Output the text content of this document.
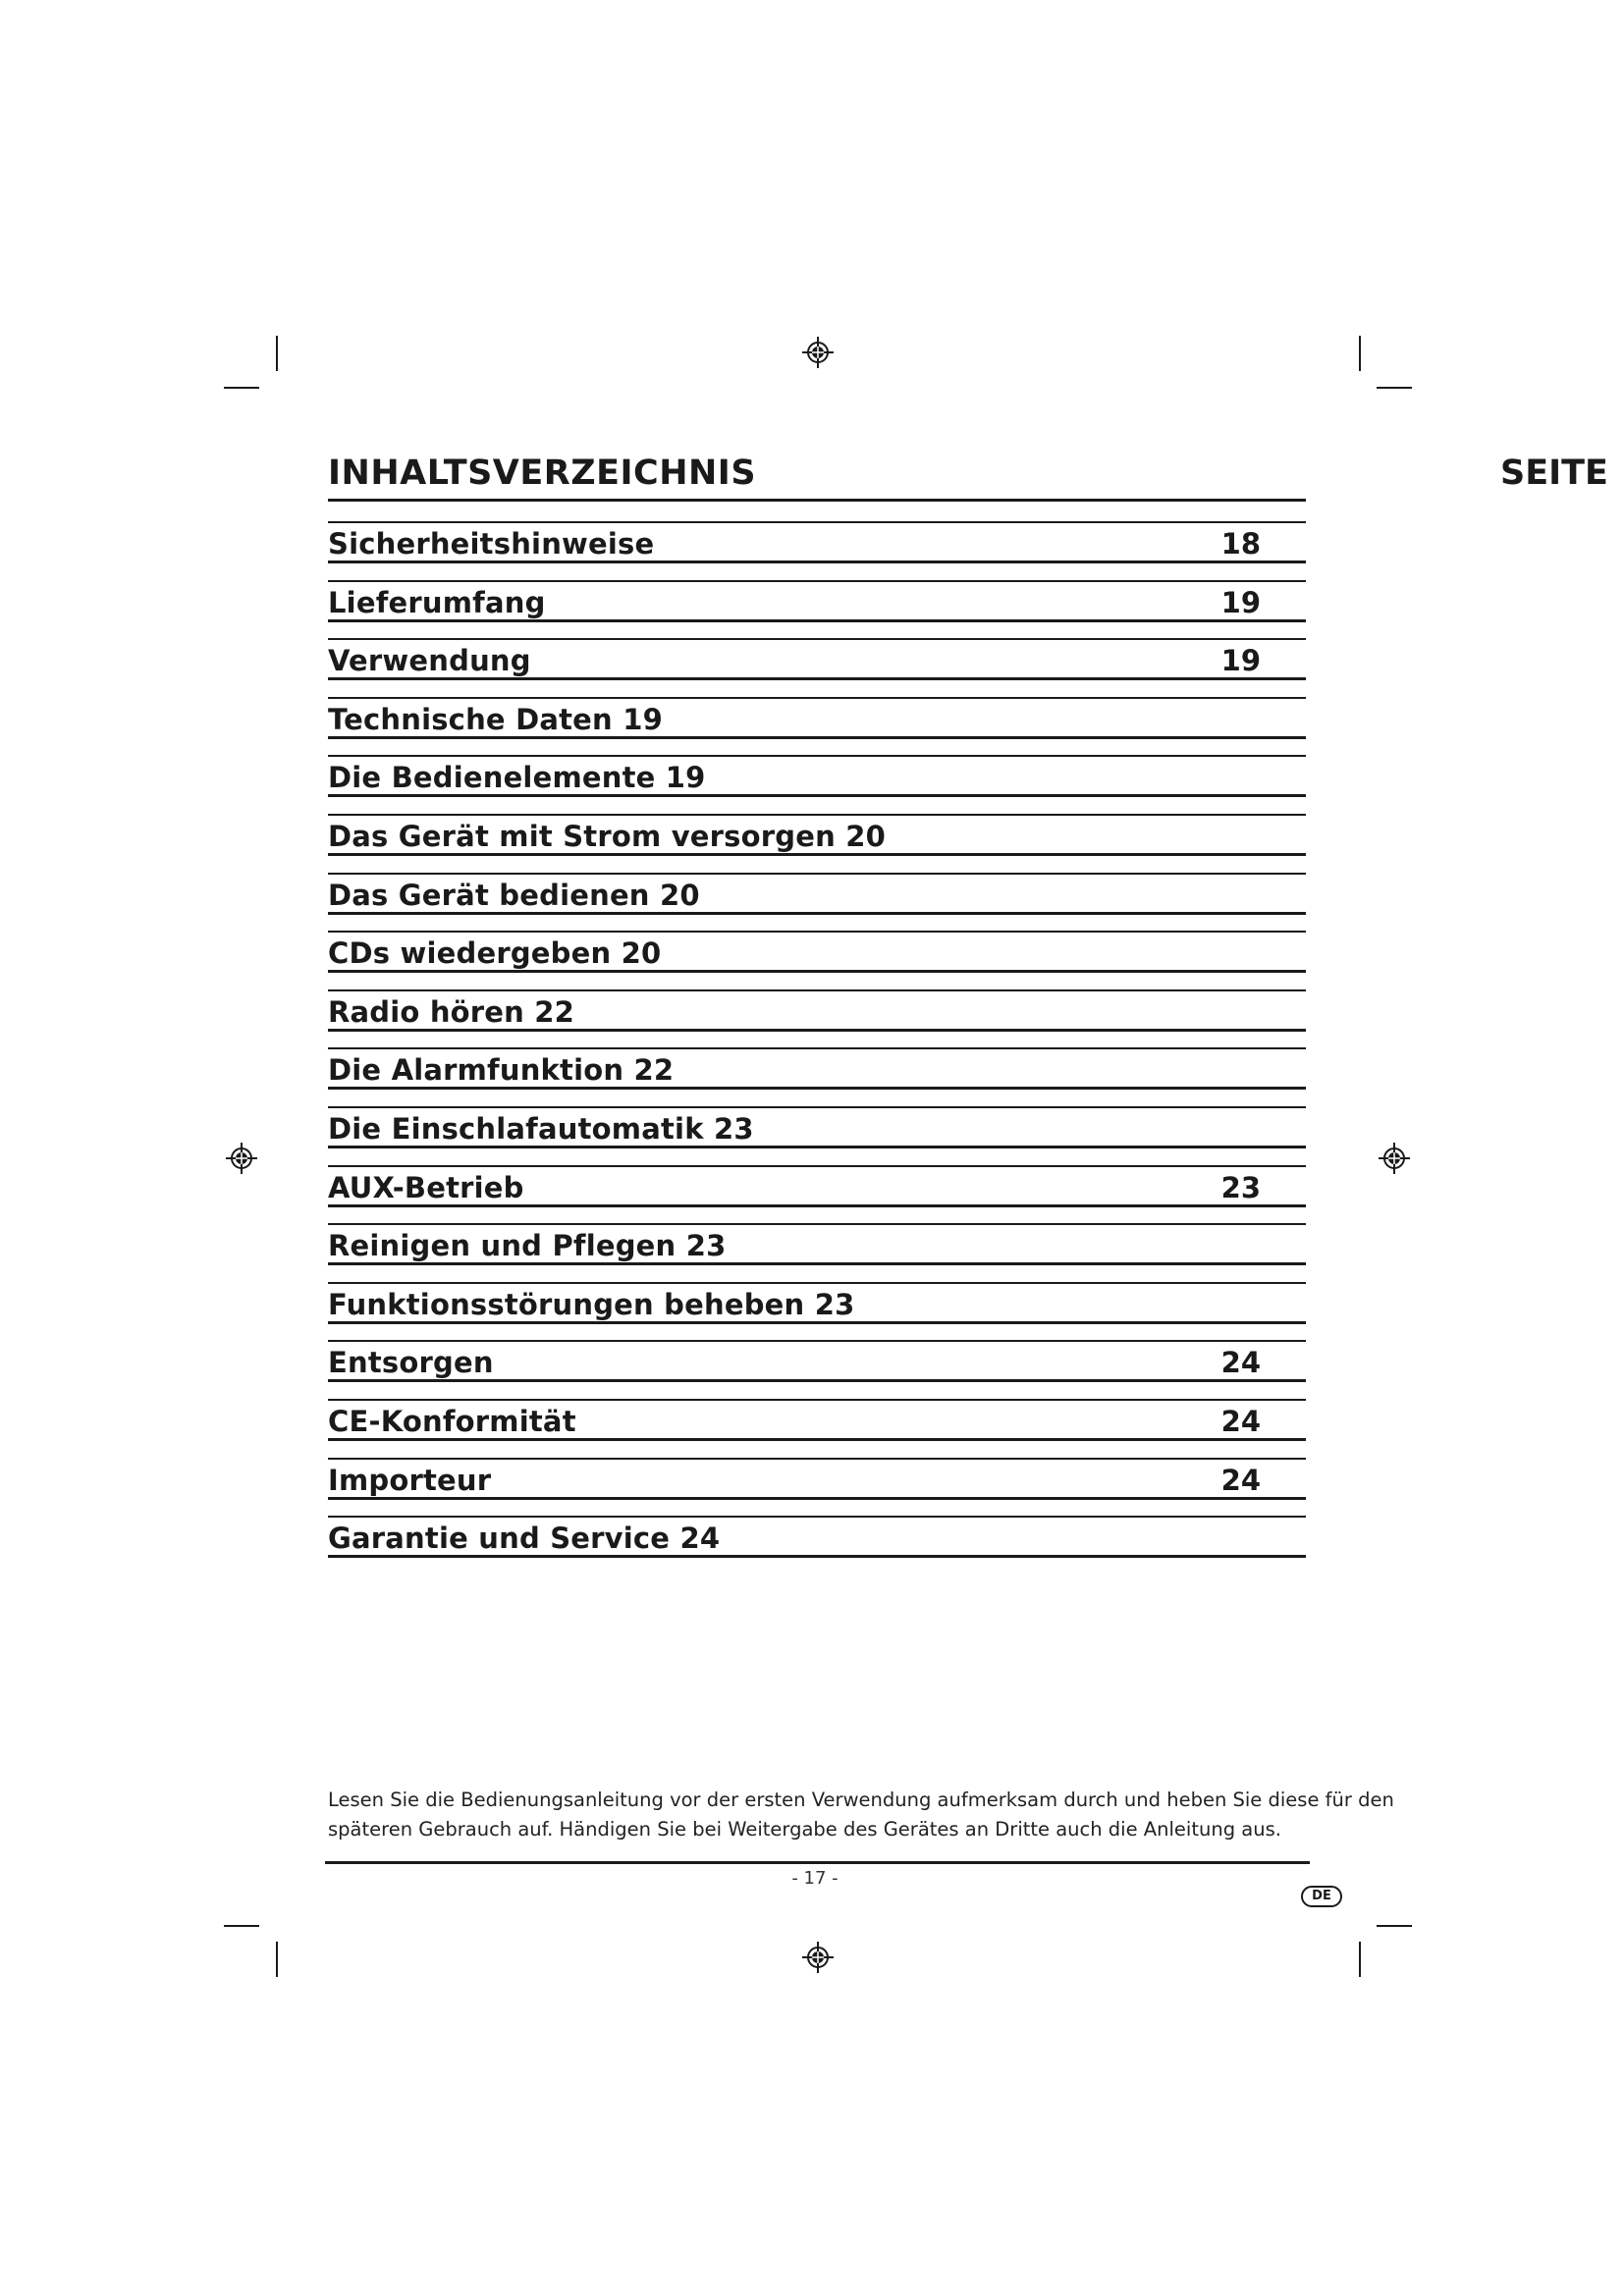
INHALTSVERZEICHNIS	SEITE
Sicherheitshinweise	18
Lieferumfang	19
Verwendung	19
Technische Daten 19
Die Bedienelemente 19
Das Gerät mit Strom versorgen 20
Das Gerät bedienen 20
CDs wiedergeben 20
Radio hören 22
Die Alarmfunktion 22
Die Einschlafautomatik 23
AUX-Betrieb	23
Reinigen und Pflegen 23
Funktionsstörungen beheben 23
Entsorgen	24
CE-Konformität	24
Importeur	24
Garantie und Service 24

Lesen Sie die Bedienungsanleitung vor der ersten Verwendung aufmerksam durch und heben Sie diese für den

späteren Gebrauch auf. Händigen Sie bei Weitergabe des Gerätes an Dritte auch die Anleitung aus.

- 17 -
DE
